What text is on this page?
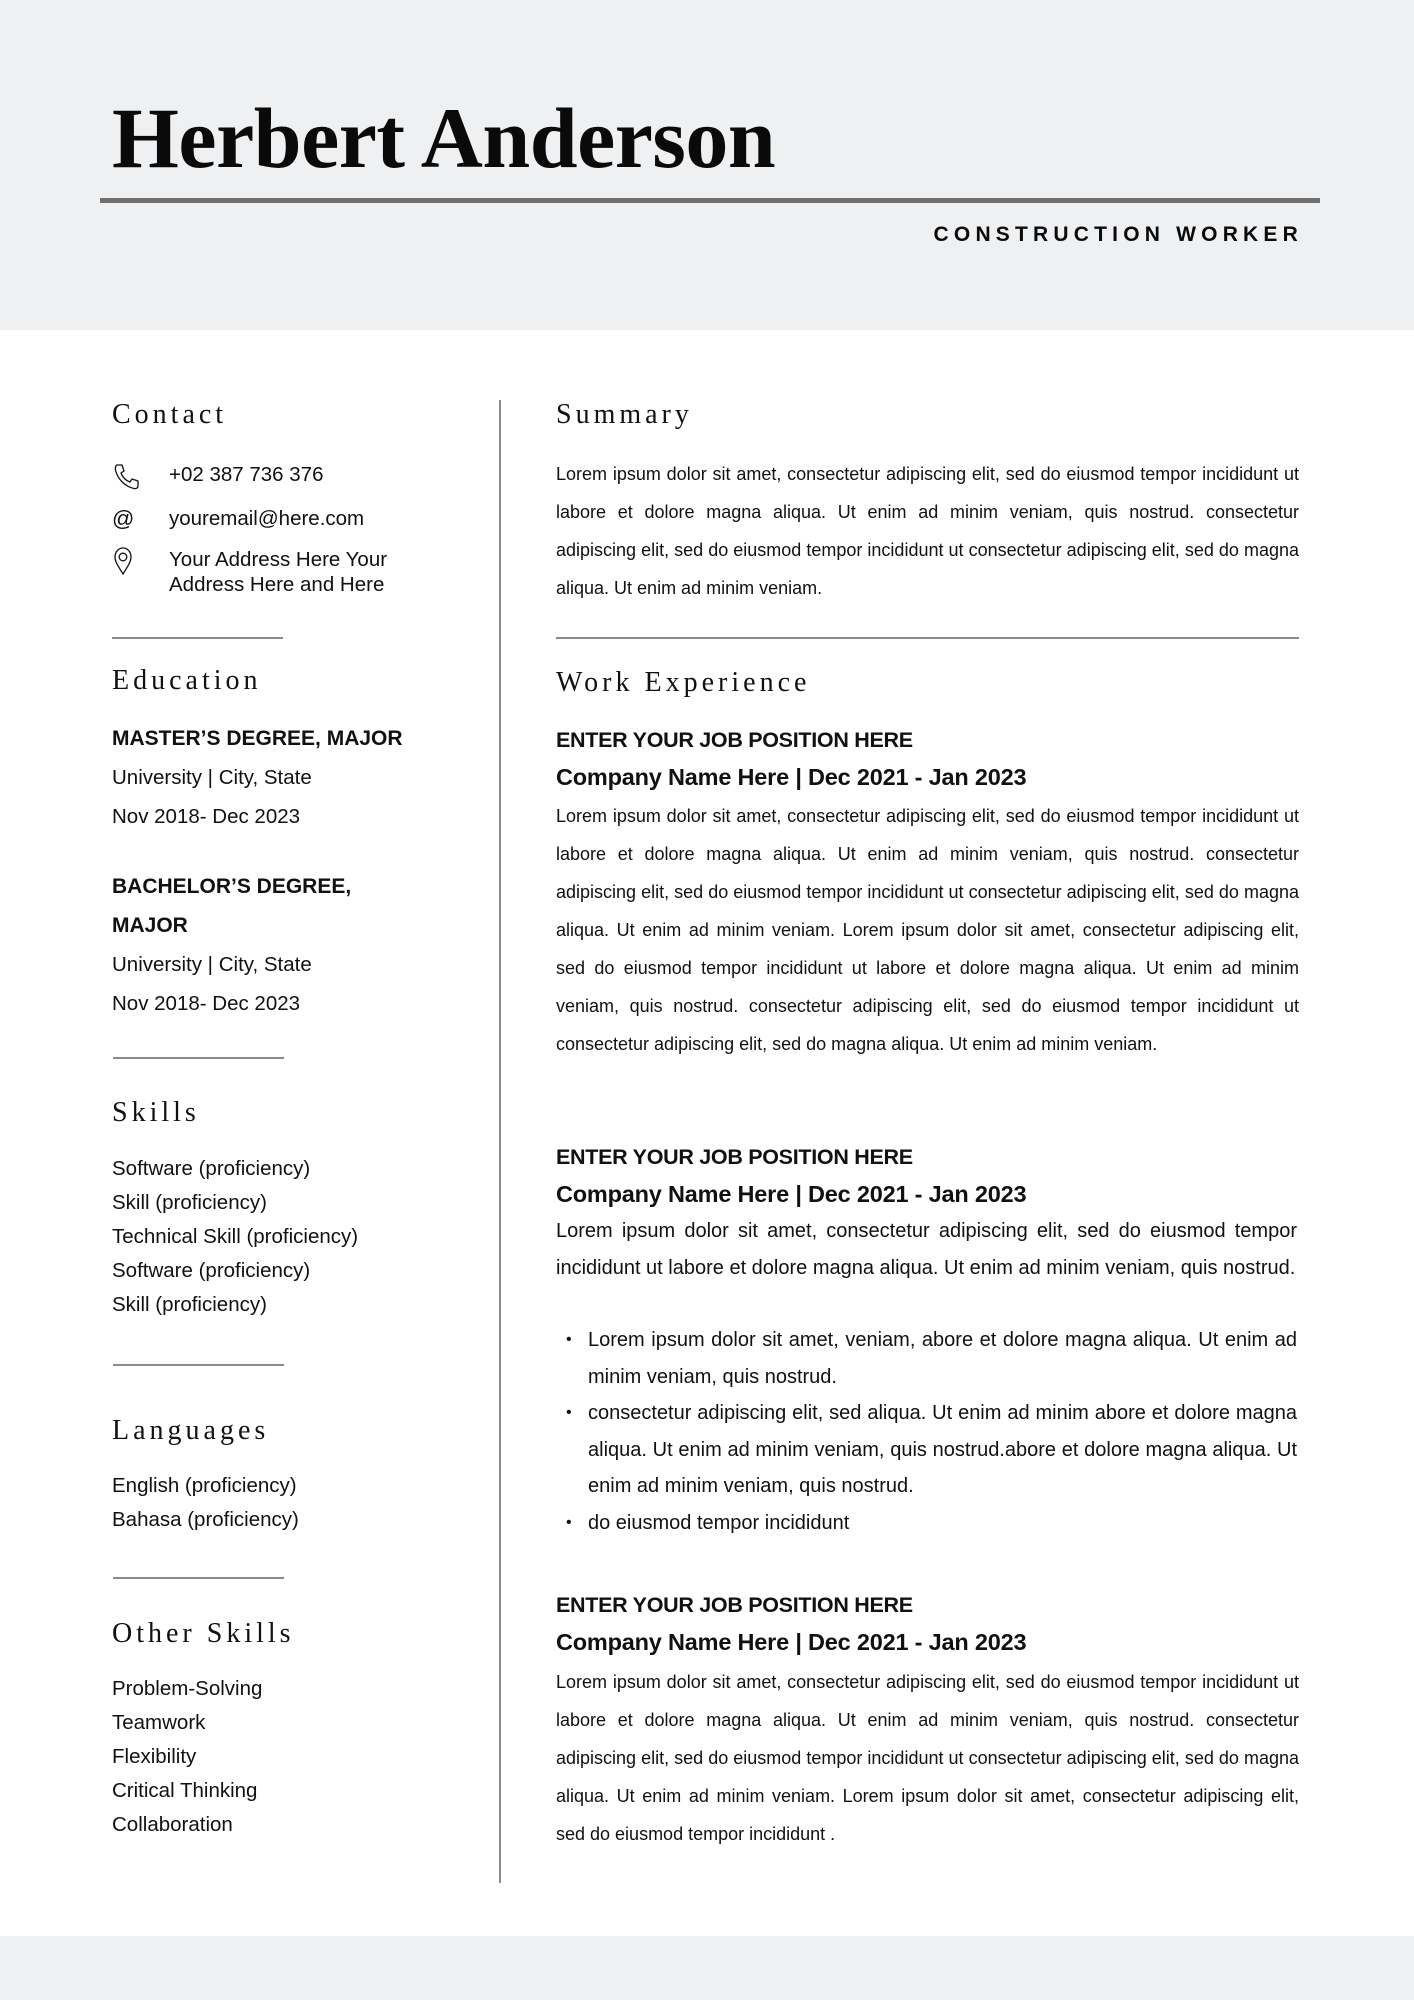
Herbert Anderson
CONSTRUCTION WORKER
Contact
+02 387 736 376
@ youremail@here.com
Your Address Here Your
Address Here and Here
Education
MASTER’S DEGREE, MAJOR
University | City, State
Nov 2018- Dec 2023
BACHELOR’S DEGREE,
MAJOR
University | City, State
Nov 2018- Dec 2023
Skills
Software (proficiency)
Skill (proficiency)
Technical Skill (proficiency)
Software (proficiency)
Skill (proficiency)
Languages
English (proficiency)
Bahasa (proficiency)
Other Skills
Problem-Solving
Teamwork
Flexibility
Critical Thinking
Collaboration
Summary

Lorem ipsum dolor sit amet, consectetur adipiscing elit, sed do eiusmod tempor incididunt ut labore et dolore magna aliqua. Ut enim ad minim veniam, quis nostrud. consectetur adipiscing elit, sed do eiusmod tempor incididunt ut consectetur adipiscing elit, sed do magna aliqua. Ut enim ad minim veniam.

Work Experience
ENTER YOUR JOB POSITION HERE
Company Name Here | Dec 2021 - Jan 2023

Lorem ipsum dolor sit amet, consectetur adipiscing elit, sed do eiusmod tempor incididunt ut labore et dolore magna aliqua. Ut enim ad minim veniam, quis nostrud. consectetur adipiscing elit, sed do eiusmod tempor incididunt ut consectetur adipiscing elit, sed do magna aliqua. Ut enim ad minim veniam. Lorem ipsum dolor sit amet, consectetur adipiscing elit, sed do eiusmod tempor incididunt ut labore et dolore magna aliqua. Ut enim ad minim veniam, quis nostrud. consectetur adipiscing elit, sed do eiusmod tempor incididunt ut consectetur adipiscing elit, sed do magna aliqua. Ut enim ad minim veniam.

ENTER YOUR JOB POSITION HERE
Company Name Here | Dec 2021 - Jan 2023

Lorem ipsum dolor sit amet, consectetur adipiscing elit, sed do eiusmod tempor incididunt ut labore et dolore magna aliqua. Ut enim ad minim veniam, quis nostrud.

• Lorem ipsum dolor sit amet, veniam, abore et dolore magna aliqua. Ut enim ad minim veniam, quis nostrud.
• consectetur adipiscing elit, sed aliqua. Ut enim ad minim abore et dolore magna aliqua. Ut enim ad minim veniam, quis nostrud.abore et dolore magna aliqua. Ut enim ad minim veniam, quis nostrud.
• do eiusmod tempor incididunt
ENTER YOUR JOB POSITION HERE
Company Name Here | Dec 2021 - Jan 2023

Lorem ipsum dolor sit amet, consectetur adipiscing elit, sed do eiusmod tempor incididunt ut labore et dolore magna aliqua. Ut enim ad minim veniam, quis nostrud. consectetur adipiscing elit, sed do eiusmod tempor incididunt ut consectetur adipiscing elit, sed do magna aliqua. Ut enim ad minim veniam. Lorem ipsum dolor sit amet, consectetur adipiscing elit, sed do eiusmod tempor incididunt .
